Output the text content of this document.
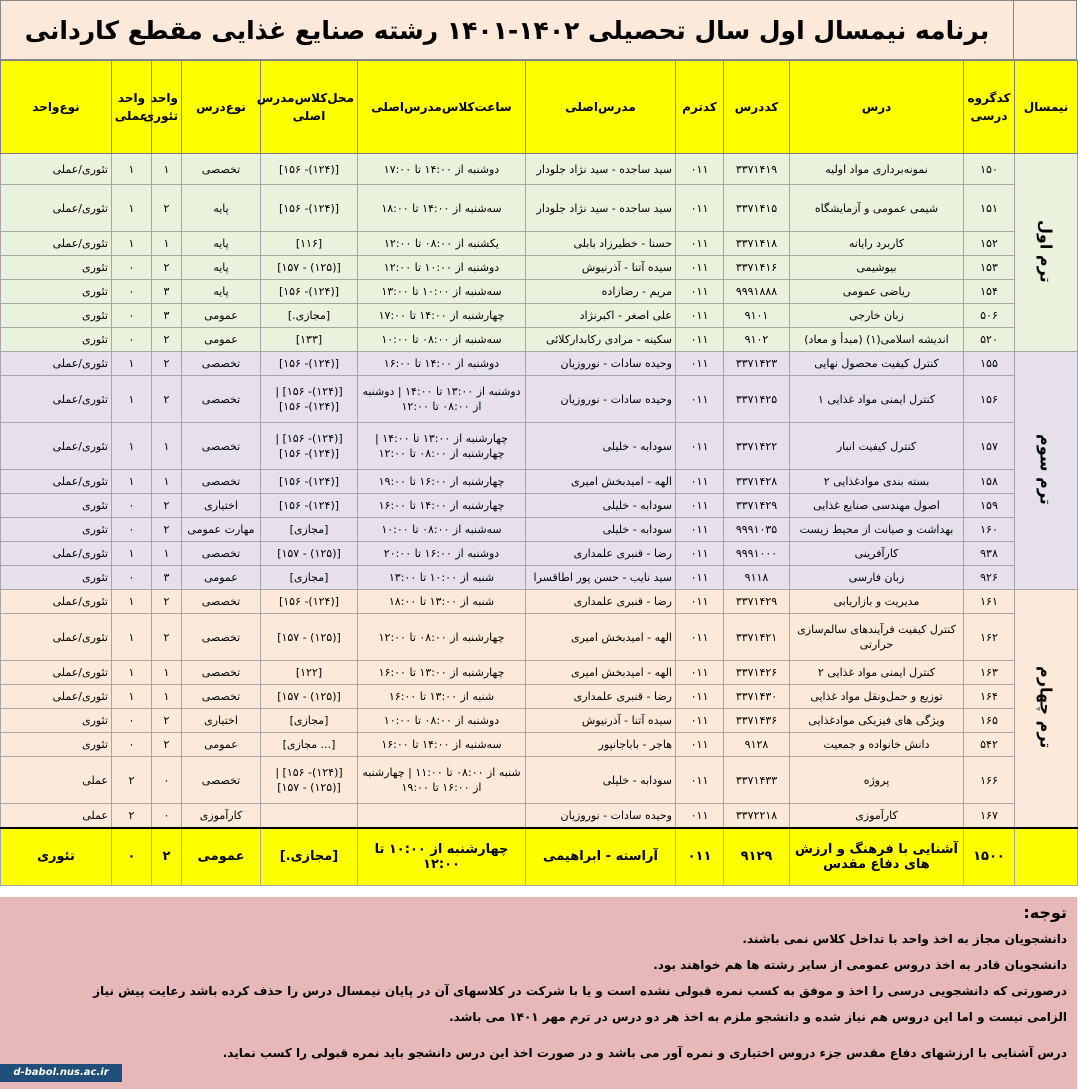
برنامه نیمسال اول سال تحصیلی ۱۴۰۲-۱۴۰۱ رشته صنایع غذایی مقطع کاردانی
نیمسال	کدگروه درسی	درس	کددرس	کدترم	مدرس‌اصلی	ساعت‌کلاس‌مدرس‌اصلی	محل‌کلاس‌مدرس اصلی	نوع‌درس	واحد تئوری	واحد عملی	نوع‌واحد
ترم اول	۱۵۰	نمونه‌برداری مواد اولیه	۳۳۷۱۴۱۹	۰۱۱	سید ساجده - سید نژاد جلودار	دوشنبه از ۱۴:۰۰ تا ۱۷:۰۰	[(۱۲۴)- ۱۵۶]	تخصصی	۱	۱	تئوری/عملی
	۱۵۱	شیمی عمومی و آزمایشگاه	۳۳۷۱۴۱۵	۰۱۱	سید ساجده - سید نژاد جلودار	سه‌شنبه از ۱۴:۰۰ تا ۱۸:۰۰	[(۱۲۴)- ۱۵۶]	پایه	۲	۱	تئوری/عملی
	۱۵۲	کاربرد رایانه	۳۳۷۱۴۱۸	۰۱۱	حسنا - خطیرزاد بابلی	یکشنبه از ۰۸:۰۰ تا ۱۲:۰۰	[۱۱۶]	پایه	۱	۱	تئوری/عملی
	۱۵۳	بیوشیمی	۳۳۷۱۴۱۶	۰۱۱	سیده آتنا - آذرنیوش	دوشنبه از ۱۰:۰۰ تا ۱۲:۰۰	[(۱۲۵) - ۱۵۷]	پایه	۲	۰	تئوری
	۱۵۴	ریاضی عمومی	۹۹۹۱۸۸۸	۰۱۱	مریم - رضازاده	سه‌شنبه از ۱۰:۰۰ تا ۱۳:۰۰	[(۱۲۴)- ۱۵۶]	پایه	۳	۰	تئوری
	۵۰۶	زبان خارجی	۹۱۰۱	۰۱۱	علی اصغر - اکبرنژاد	چهارشنبه از ۱۴:۰۰ تا ۱۷:۰۰	[مجازی.]	عمومی	۳	۰	تئوری
	۵۲۰	اندیشه اسلامی(۱) (مبدأ و معاد)	۹۱۰۲	۰۱۱	سکینه - مرادی رکابدارکلائی	سه‌شنبه از ۰۸:۰۰ تا ۱۰:۰۰	[۱۳۳]	عمومی	۲	۰	تئوری
ترم سوم	۱۵۵	کنترل کیفیت محصول نهایی	۳۳۷۱۴۲۳	۰۱۱	وحیده سادات - نوروزیان	دوشنبه از ۱۴:۰۰ تا ۱۶:۰۰	[(۱۲۴)- ۱۵۶]	تخصصی	۲	۱	تئوری/عملی
	۱۵۶	کنترل ایمنی مواد غذایی ۱	۳۳۷۱۴۲۵	۰۱۱	وحیده سادات - نوروزیان	دوشنبه از ۱۳:۰۰ تا ۱۴:۰۰ | دوشنبه از ۰۸:۰۰ تا ۱۲:۰۰	[(۱۲۴)- ۱۵۶] | [(۱۲۴)- ۱۵۶]	تخصصی	۲	۱	تئوری/عملی
	۱۵۷	کنترل کیفیت انبار	۳۳۷۱۴۲۲	۰۱۱	سودابه - خلیلی	چهارشنبه از ۱۳:۰۰ تا ۱۴:۰۰ | چهارشنبه از ۰۸:۰۰ تا ۱۲:۰۰	[(۱۲۴)- ۱۵۶] | [(۱۲۴)- ۱۵۶]	تخصصی	۱	۱	تئوری/عملی
	۱۵۸	بسته بندی موادغذایی ۲	۳۳۷۱۴۲۸	۰۱۱	الهه - امیدبخش امیری	چهارشنبه از ۱۶:۰۰ تا ۱۹:۰۰	[(۱۲۴)- ۱۵۶]	تخصصی	۱	۱	تئوری/عملی
	۱۵۹	اصول مهندسی صنایع غذایی	۳۳۷۱۴۲۹	۰۱۱	سودابه - خلیلی	چهارشنبه از ۱۴:۰۰ تا ۱۶:۰۰	[(۱۲۴)- ۱۵۶]	اختیاری	۲	۰	تئوری
	۱۶۰	بهداشت و صیانت از محیط زیست	۹۹۹۱۰۳۵	۰۱۱	سودابه - خلیلی	سه‌شنبه از ۰۸:۰۰ تا ۱۰:۰۰	[مجازی]	مهارت عمومی	۲	۰	تئوری
	۹۳۸	کارآفرینی	۹۹۹۱۰۰۰	۰۱۱	رضا - قنبری علمداری	دوشنبه از ۱۶:۰۰ تا ۲۰:۰۰	[(۱۲۵) - ۱۵۷]	تخصصی	۱	۱	تئوری/عملی
	۹۲۶	زبان فارسی	۹۱۱۸	۰۱۱	سید نایب - حسن پور اطاقسرا	شنبه از ۱۰:۰۰ تا ۱۳:۰۰	[مجازی]	عمومی	۳	۰	تئوری
ترم چهارم	۱۶۱	مدیریت و بازاریابی	۳۳۷۱۴۲۹	۰۱۱	رضا - قنبری علمداری	شنبه از ۱۳:۰۰ تا ۱۸:۰۰	[(۱۲۴)- ۱۵۶]	تخصصی	۲	۱	تئوری/عملی
	۱۶۲	کنترل کیفیت فرآیندهای سالم‌سازی حرارتی	۳۳۷۱۴۲۱	۰۱۱	الهه - امیدبخش امیری	چهارشنبه از ۰۸:۰۰ تا ۱۲:۰۰	[(۱۲۵) - ۱۵۷]	تخصصی	۲	۱	تئوری/عملی
	۱۶۳	کنترل ایمنی مواد غذایی ۲	۳۳۷۱۴۲۶	۰۱۱	الهه - امیدبخش امیری	چهارشنبه از ۱۳:۰۰ تا ۱۶:۰۰	[۱۲۲]	تخصصی	۱	۱	تئوری/عملی
	۱۶۴	توزیع و حمل‌ونقل مواد غذایی	۳۳۷۱۴۳۰	۰۱۱	رضا - قنبری علمداری	شنبه از ۱۳:۰۰ تا ۱۶:۰۰	[(۱۲۵) - ۱۵۷]	تخصصی	۱	۱	تئوری/عملی
	۱۶۵	ویژگی های فیزیکی موادغذایی	۳۳۷۱۴۳۶	۰۱۱	سیده آتنا - آذرنیوش	دوشنبه از ۰۸:۰۰ تا ۱۰:۰۰	[مجازی]	اختیاری	۲	۰	تئوری
	۵۴۲	دانش خانواده و جمعیت	۹۱۲۸	۰۱۱	هاجر - باباجانپور	سه‌شنبه از ۱۴:۰۰ تا ۱۶:۰۰	[... مجازی]	عمومی	۲	۰	تئوری
	۱۶۶	پروژه	۳۳۷۱۴۳۳	۰۱۱	سودابه - خلیلی	شنبه از ۰۸:۰۰ تا ۱۱:۰۰ | چهارشنبه از ۱۶:۰۰ تا ۱۹:۰۰	[(۱۲۴)- ۱۵۶] | [(۱۲۵) - ۱۵۷]	تخصصی	۰	۲	عملی
	۱۶۷	کارآموزی	۳۳۷۲۲۱۸	۰۱۱	وحیده سادات - نوروزیان			کارآموزی	۰	۲	عملی
	۱۵۰۰	آشنایی با فرهنگ و ارزش های دفاع مقدس	۹۱۲۹	۰۱۱	آراسته - ابراهیمی	چهارشنبه از ۱۰:۰۰ تا ۱۲:۰۰	[مجازی.]	عمومی	۲	۰	تئوری
توجه:

دانشجویان مجاز به اخذ واحد با تداخل کلاس نمی باشند.

دانشجویان قادر به اخذ دروس عمومی از سایر رشته ها هم خواهند بود.

درصورتی که دانشجویی درسی را اخذ و موفق به کسب نمره قبولی نشده است و یا با شرکت در کلاسهای آن در پایان نیمسال درس را حذف کرده باشد رعایت پیش نیاز

الزامی نیست و اما این دروس هم نیاز شده و دانشجو ملزم به اخذ هر دو درس در ترم مهر ۱۴۰۱ می باشد.

درس آشنایی با ارزشهای دفاع مقدس جزء دروس اختیاری و نمره آور می باشد و در صورت اخذ این درس دانشجو باید نمره قبولی را کسب نماید.

d-babol.nus.ac.ir
